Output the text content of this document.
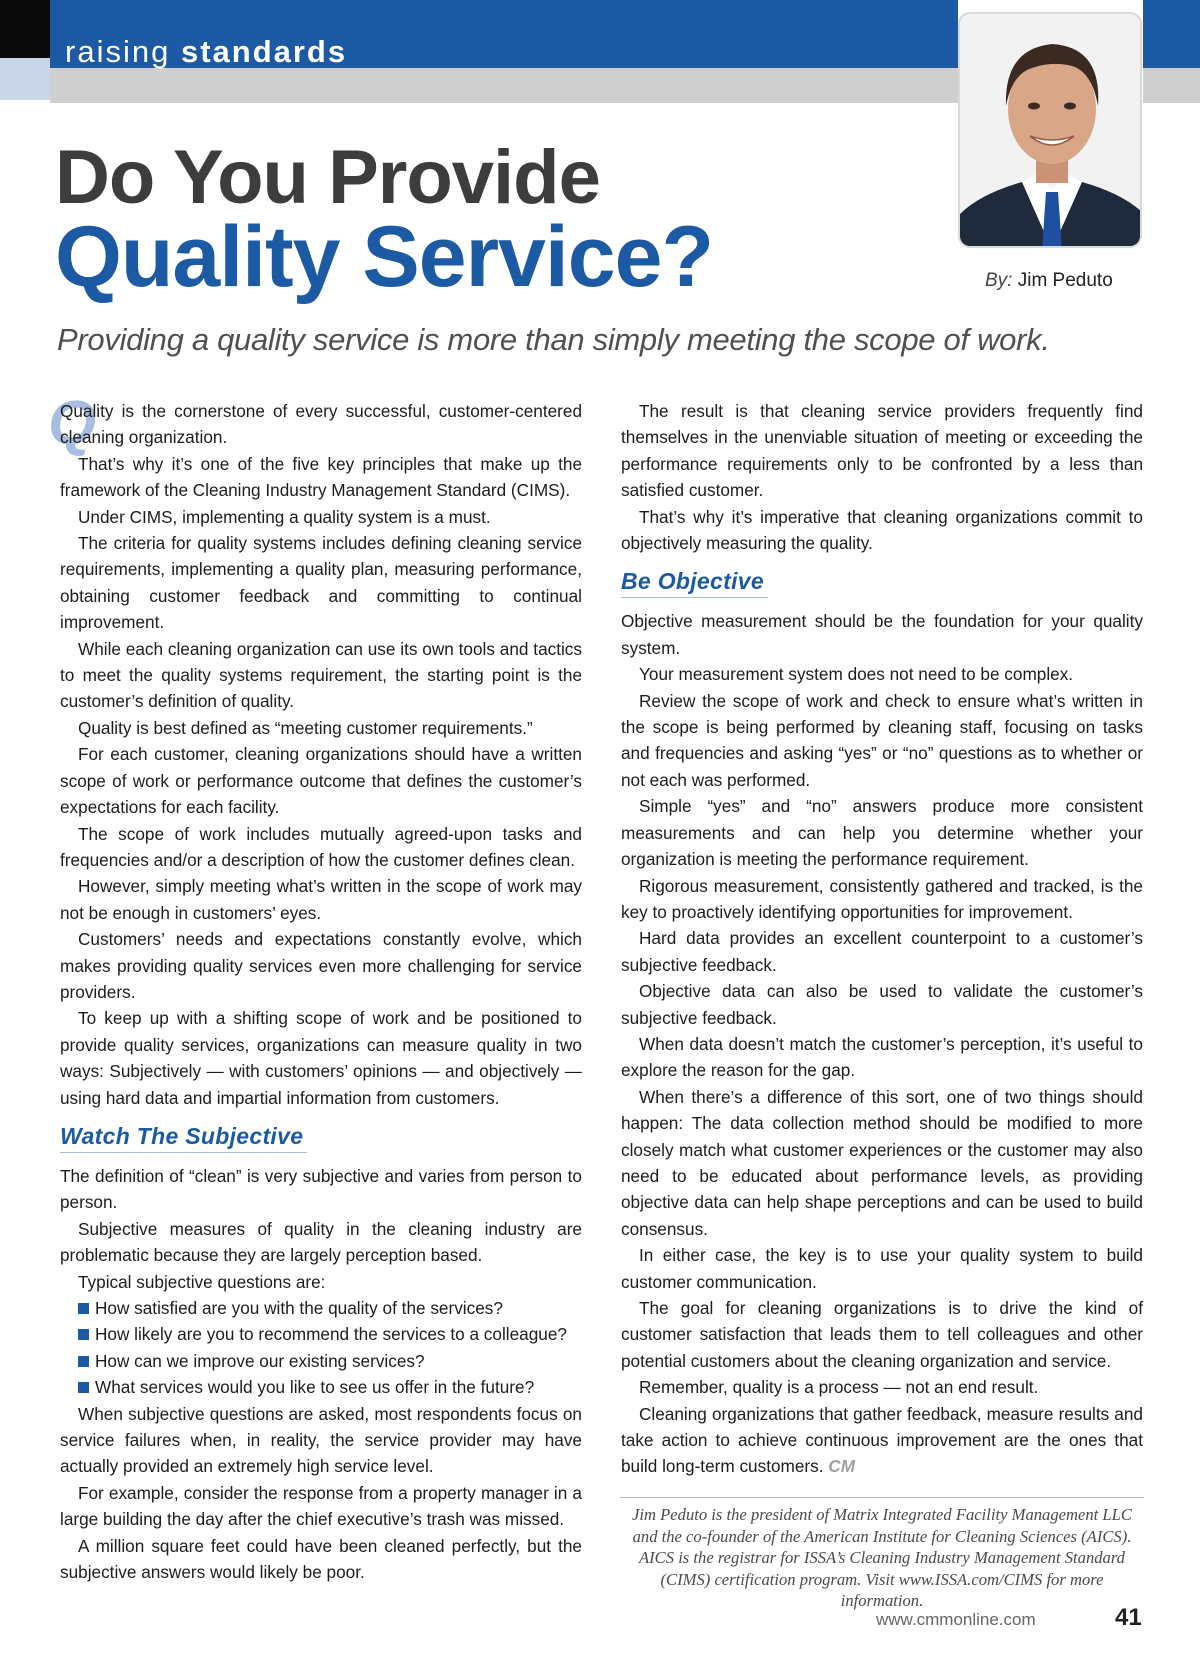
raising standards
Do You Provide
Quality Service?	By: Jim Peduto
Providing a quality service is more than simply meeting the scope of work.
Q

Quality is the cornerstone of every successful, customer-centered cleaning organization.

That’s why it’s one of the five key principles that make up the framework of the Cleaning Industry Management Standard (CIMS).

Under CIMS, implementing a quality system is a must.

The criteria for quality systems includes defining cleaning service requirements, implementing a quality plan, measuring performance, obtaining customer feedback and committing to continual improvement.

While each cleaning organization can use its own tools and tactics to meet the quality systems requirement, the starting point is the customer’s definition of quality.

Quality is best defined as “meeting customer requirements.”

For each customer, cleaning organizations should have a written scope of work or performance outcome that defines the customer’s expectations for each facility.

The scope of work includes mutually agreed-upon tasks and frequencies and/or a description of how the customer defines clean.

However, simply meeting what’s written in the scope of work may not be enough in customers’ eyes.

Customers’ needs and expectations constantly evolve, which makes providing quality services even more challenging for service providers.

To keep up with a shifting scope of work and be positioned to provide quality services, organizations can measure quality in two ways: Subjectively — with customers’ opinions — and objectively — using hard data and impartial information from customers.

Watch The Subjective

The definition of “clean” is very subjective and varies from person to person.

Subjective measures of quality in the cleaning industry are problematic because they are largely perception based.

Typical subjective questions are:

How satisfied are you with the quality of the services?
How likely are you to recommend the services to a colleague?
How can we improve our existing services?
What services would you like to see us offer in the future?

When subjective questions are asked, most respondents focus on service failures when, in reality, the service provider may have actually provided an extremely high service level.

For example, consider the response from a property manager in a large building the day after the chief executive’s trash was missed.

A million square feet could have been cleaned perfectly, but the subjective answers would likely be poor.

The result is that cleaning service providers frequently find themselves in the unenviable situation of meeting or exceeding the performance requirements only to be confronted by a less than satisfied customer.

That’s why it’s imperative that cleaning organizations commit to objectively measuring the quality.

Be Objective

Objective measurement should be the foundation for your quality system.

Your measurement system does not need to be complex.

Review the scope of work and check to ensure what’s written in the scope is being performed by cleaning staff, focusing on tasks and frequencies and asking “yes” or “no” questions as to whether or not each was performed.

Simple “yes” and “no” answers produce more consistent measurements and can help you determine whether your organization is meeting the performance requirement.

Rigorous measurement, consistently gathered and tracked, is the key to proactively identifying opportunities for improvement.

Hard data provides an excellent counterpoint to a customer’s subjective feedback.

Objective data can also be used to validate the customer’s subjective feedback.

When data doesn’t match the customer’s perception, it’s useful to explore the reason for the gap.

When there’s a difference of this sort, one of two things should happen: The data collection method should be modified to more closely match what customer experiences or the customer may also need to be educated about performance levels, as providing objective data can help shape perceptions and can be used to build consensus.

In either case, the key is to use your quality system to build customer communication.

The goal for cleaning organizations is to drive the kind of customer satisfaction that leads them to tell colleagues and other potential customers about the cleaning organization and service.

Remember, quality is a process — not an end result.

Cleaning organizations that gather feedback, measure results and take action to achieve continuous improvement are the ones that build long-term customers. CM

Jim Peduto is the president of Matrix Integrated Facility Management LLC and the co-founder of the American Institute for Cleaning Sciences (AICS). AICS is the registrar for ISSA’s Cleaning Industry Management Standard (CIMS) certification program. Visit www.ISSA.com/CIMS for more information.
www.cmmonline.com	41
